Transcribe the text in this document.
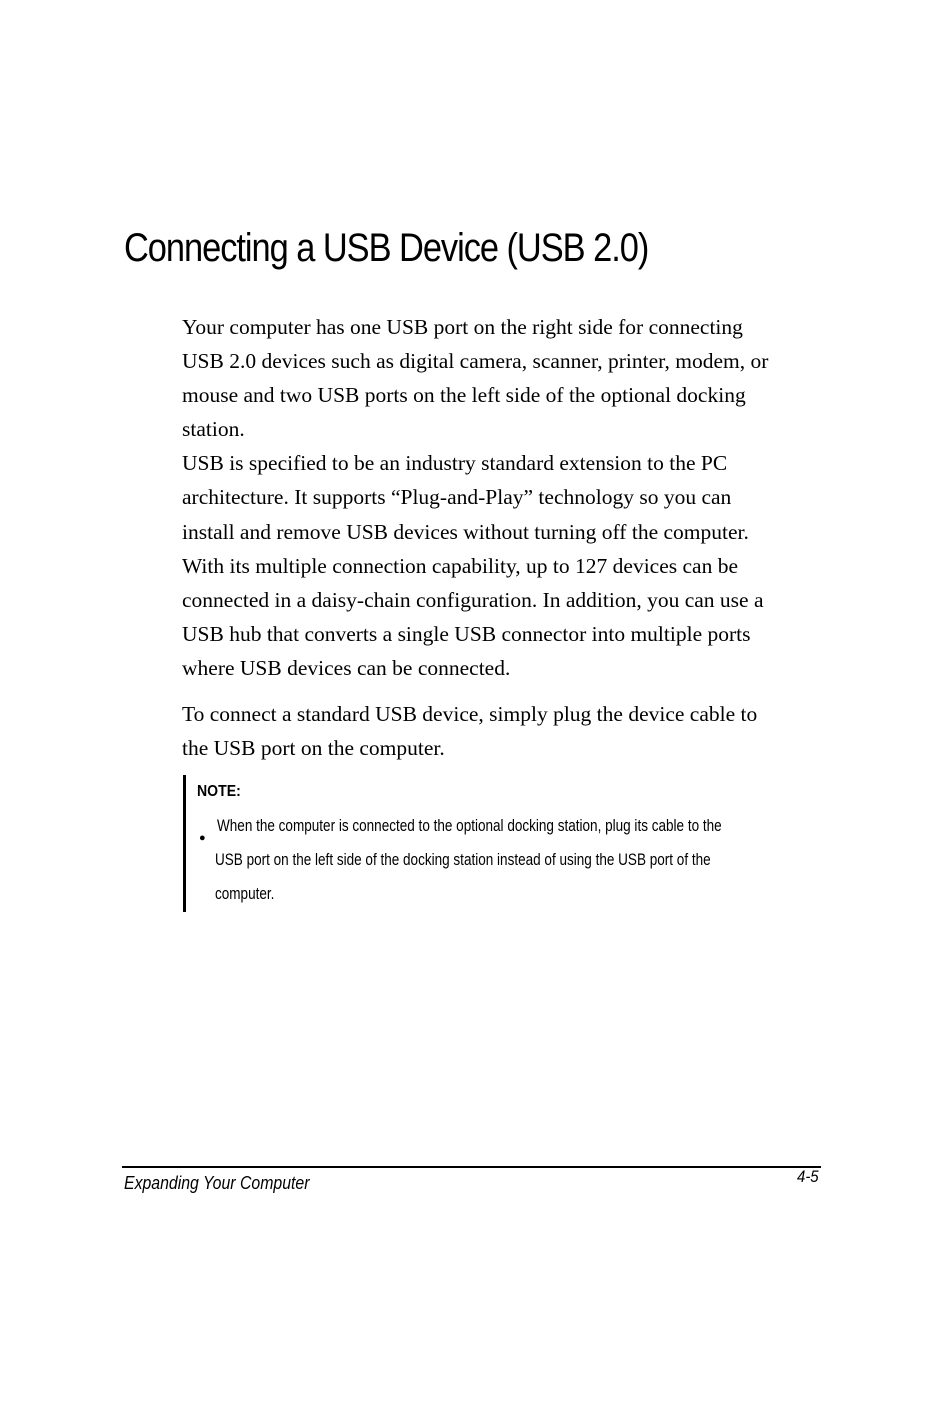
Connecting a USB Device (USB 2.0)

Your computer has one USB port on the right side for connecting
USB 2.0 devices such as digital camera, scanner, printer, modem, or
mouse and two USB ports on the left side of the optional docking
station.

USB is specified to be an industry standard extension to the PC
architecture. It supports “Plug-and-Play” technology so you can
install and remove USB devices without turning off the computer.
With its multiple connection capability, up to 127 devices can be
connected in a daisy-chain configuration. In addition, you can use a
USB hub that converts a single USB connector into multiple ports
where USB devices can be connected.

To connect a standard USB device, simply plug the device cable to
the USB port on the computer.

NOTE:
●
When the computer is connected to the optional docking station, plug its cable to the
USB port on the left side of the docking station instead of using the USB port of the
computer.
Expanding Your Computer	4-5
